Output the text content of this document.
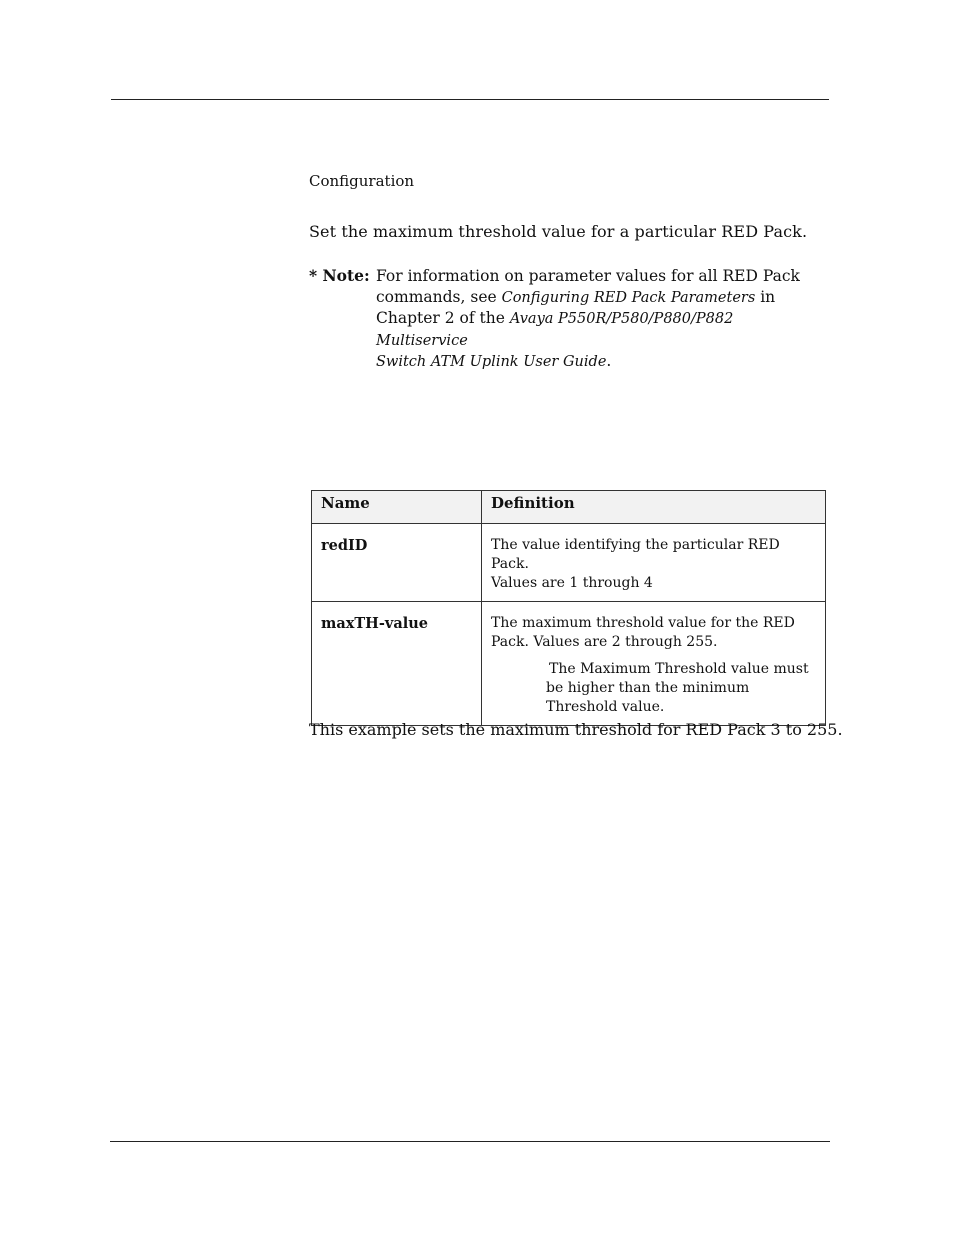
Configuration
Set the maximum threshold value for a particular RED Pack.
* Note: For information on parameter values for all RED Pack
commands, see Configuring RED Pack Parameters in
Chapter 2 of the Avaya P550R/P580/P880/P882 Multiservice
Switch ATM Uplink User Guide.
Name	Definition
redID	The value identifying the particular RED Pack.
Values are 1 through 4

maxTH-value	The maximum threshold value for the RED
Pack. Values are 2 through 255.
The Maximum Threshold value must
be higher than the minimum
Threshold value.
This example sets the maximum threshold for RED Pack 3 to 255.
